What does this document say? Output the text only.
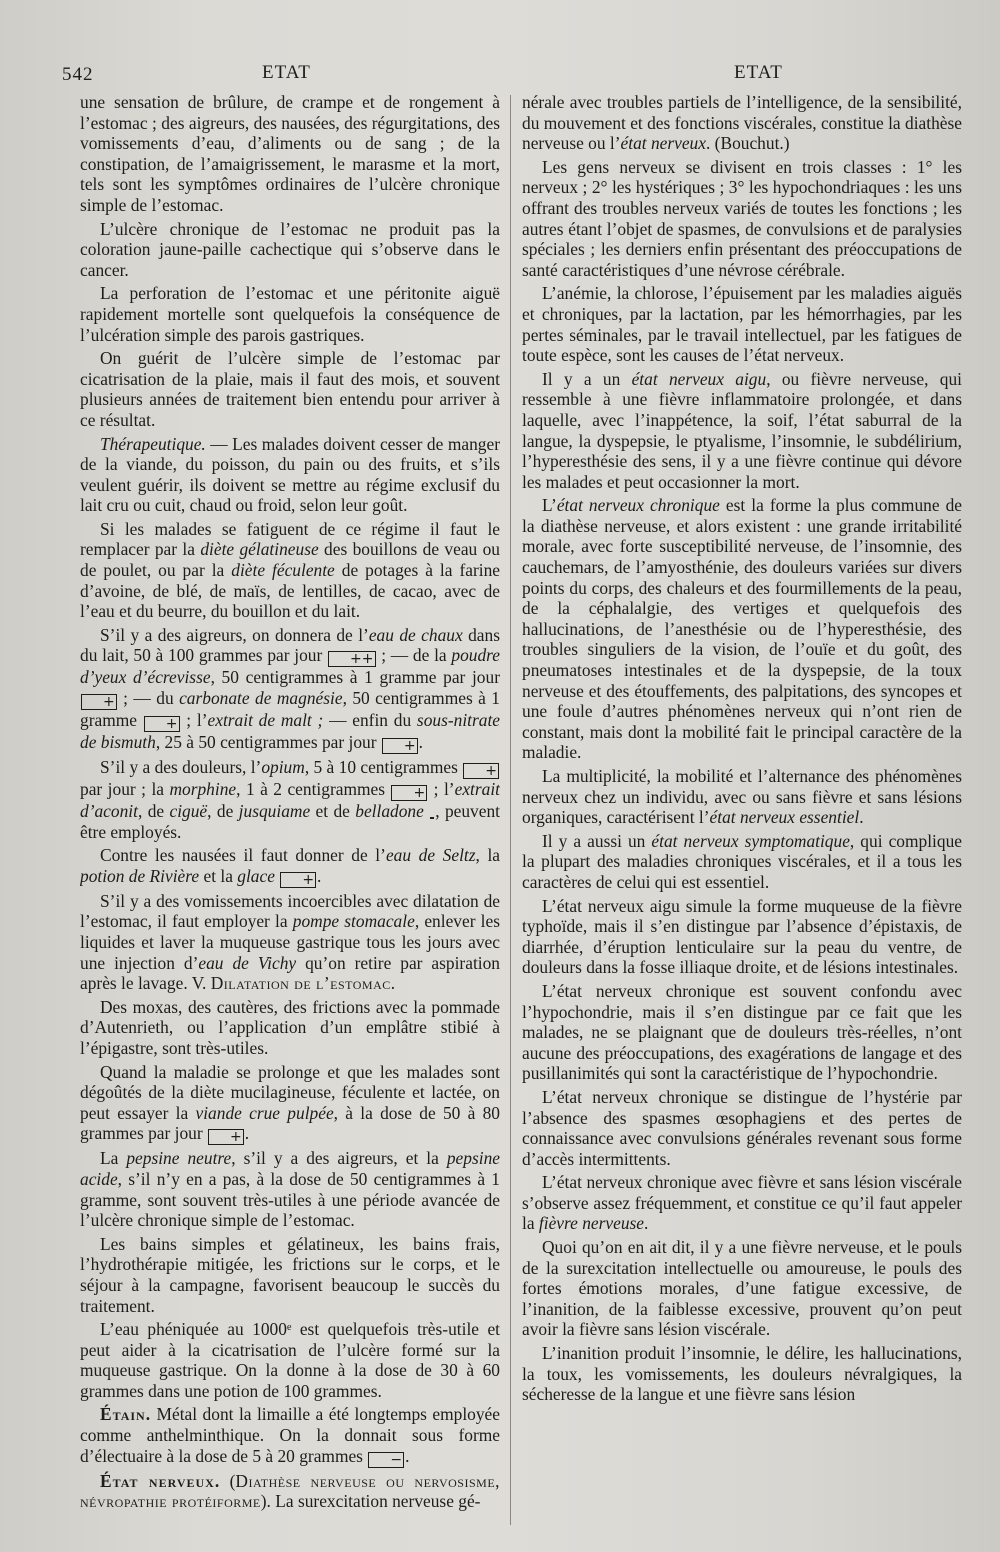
542	ETAT	ETAT

une sensation de brûlure, de crampe et de rongement à l’estomac ; des aigreurs, des nausées, des régurgitations, des vomissements d’eau, d’aliments ou de sang ; de la constipation, de l’amaigrissement, le marasme et la mort, tels sont les symptômes ordinaires de l’ulcère chronique simple de l’estomac.

L’ulcère chronique de l’estomac ne produit pas la coloration jaune-paille cachectique qui s’observe dans le cancer.

La perforation de l’estomac et une péritonite aiguë rapidement mortelle sont quelquefois la conséquence de l’ulcération simple des parois gastriques.

On guérit de l’ulcère simple de l’estomac par cicatrisation de la plaie, mais il faut des mois, et souvent plusieurs années de traitement bien entendu pour arriver à ce résultat.

Thérapeutique. — Les malades doivent cesser de manger de la viande, du poisson, du pain ou des fruits, et s’ils veulent guérir, ils doivent se mettre au régime exclusif du lait cru ou cuit, chaud ou froid, selon leur goût.

Si les malades se fatiguent de ce régime il faut le remplacer par la diète gélatineuse des bouillons de veau ou de poulet, ou par la diète féculente de potages à la farine d’avoine, de blé, de maïs, de lentilles, de cacao, avec de l’eau et du beurre, du bouillon et du lait.

S’il y a des aigreurs, on donnera de l’eau de chaux dans du lait, 50 à 100 grammes par jour ++ ; — de la poudre d’yeux d’écrevisse, 50 centigrammes à 1 gramme par jour + ; — du carbonate de magnésie, 50 centigrammes à 1 gramme + ; l’extrait de malt ; — enfin du sous-nitrate de bismuth, 25 à 50 centigrammes par jour + .

S’il y a des douleurs, l’opium, 5 à 10 centigrammes + par jour ; la morphine, 1 à 2 centigrammes + ; l’extrait d’aconit, de ciguë, de jusquiame et de belladone , peuvent être employés.

Contre les nausées il faut donner de l’eau de Seltz, la potion de Rivière et la glace + .

S’il y a des vomissements incoercibles avec dilatation de l’estomac, il faut employer la pompe stomacale, enlever les liquides et laver la muqueuse gastrique tous les jours avec une injection d’eau de Vichy qu’on retire par aspiration après le lavage. V. Dilatation de l’estomac.

Des moxas, des cautères, des frictions avec la pommade d’Autenrieth, ou l’application d’un emplâtre stibié à l’épigastre, sont très-utiles.

Quand la maladie se prolonge et que les malades sont dégoûtés de la diète mucilagineuse, féculente et lactée, on peut essayer la viande crue pulpée, à la dose de 50 à 80 grammes par jour + .

La pepsine neutre, s’il y a des aigreurs, et la pepsine acide, s’il n’y en a pas, à la dose de 50 centigrammes à 1 gramme, sont souvent très-utiles à une période avancée de l’ulcère chronique simple de l’estomac.

Les bains simples et gélatineux, les bains frais, l’hydrothérapie mitigée, les frictions sur le corps, et le séjour à la campagne, favorisent beaucoup le succès du traitement.

L’eau phéniquée au 1000ᵉ est quelquefois très-utile et peut aider à la cicatrisation de l’ulcère formé sur la muqueuse gastrique. On la donne à la dose de 30 à 60 grammes dans une potion de 100 grammes.

Étain. Métal dont la limaille a été longtemps employée comme anthelminthique. On la donnait sous forme d’électuaire à la dose de 5 à 20 grammes − .

État nerveux. (Diathèse nerveuse ou nervosisme, névropathie protéiforme). La surexcitation nerveuse gé-

nérale avec troubles partiels de l’intelligence, de la sensibilité, du mouvement et des fonctions viscérales, constitue la diathèse nerveuse ou l’état nerveux. (Bouchut.)

Les gens nerveux se divisent en trois classes : 1° les nerveux ; 2° les hystériques ; 3° les hypochondriaques : les uns offrant des troubles nerveux variés de toutes les fonctions ; les autres étant l’objet de spasmes, de convulsions et de paralysies spéciales ; les derniers enfin présentant des préoccupations de santé caractéristiques d’une névrose cérébrale.

L’anémie, la chlorose, l’épuisement par les maladies aiguës et chroniques, par la lactation, par les hémorrhagies, par les pertes séminales, par le travail intellectuel, par les fatigues de toute espèce, sont les causes de l’état nerveux.

Il y a un état nerveux aigu, ou fièvre nerveuse, qui ressemble à une fièvre inflammatoire prolongée, et dans laquelle, avec l’inappétence, la soif, l’état saburral de la langue, la dyspepsie, le ptyalisme, l’insomnie, le subdélirium, l’hyperesthésie des sens, il y a une fièvre continue qui dévore les malades et peut occasionner la mort.

L’état nerveux chronique est la forme la plus commune de la diathèse nerveuse, et alors existent : une grande irritabilité morale, avec forte susceptibilité nerveuse, de l’insomnie, des cauchemars, de l’amyosthénie, des douleurs variées sur divers points du corps, des chaleurs et des fourmillements de la peau, de la céphalalgie, des vertiges et quelquefois des hallucinations, de l’anesthésie ou de l’hyperesthésie, des troubles singuliers de la vision, de l’ouïe et du goût, des pneumatoses intestinales et de la dyspepsie, de la toux nerveuse et des étouffements, des palpitations, des syncopes et une foule d’autres phénomènes nerveux qui n’ont rien de constant, mais dont la mobilité fait le principal caractère de la maladie.

La multiplicité, la mobilité et l’alternance des phénomènes nerveux chez un individu, avec ou sans fièvre et sans lésions organiques, caractérisent l’état nerveux essentiel.

Il y a aussi un état nerveux symptomatique, qui complique la plupart des maladies chroniques viscérales, et il a tous les caractères de celui qui est essentiel.

L’état nerveux aigu simule la forme muqueuse de la fièvre typhoïde, mais il s’en distingue par l’absence d’épistaxis, de diarrhée, d’éruption lenticulaire sur la peau du ventre, de douleurs dans la fosse illiaque droite, et de lésions intestinales.

L’état nerveux chronique est souvent confondu avec l’hypochondrie, mais il s’en distingue par ce fait que les malades, ne se plaignant que de douleurs très-réelles, n’ont aucune des préoccupations, des exagérations de langage et des pusillanimités qui sont la caractéristique de l’hypochondrie.

L’état nerveux chronique se distingue de l’hystérie par l’absence des spasmes œsophagiens et des pertes de connaissance avec convulsions générales revenant sous forme d’accès intermittents.

L’état nerveux chronique avec fièvre et sans lésion viscérale s’observe assez fréquemment, et constitue ce qu’il faut appeler la fièvre nerveuse.

Quoi qu’on en ait dit, il y a une fièvre nerveuse, et le pouls de la surexcitation intellectuelle ou amoureuse, le pouls des fortes émotions morales, d’une fatigue excessive, de l’inanition, de la faiblesse excessive, prouvent qu’on peut avoir la fièvre sans lésion viscérale.

L’inanition produit l’insomnie, le délire, les hallucinations, la toux, les vomissements, les douleurs névralgiques, la sécheresse de la langue et une fièvre sans lésion
